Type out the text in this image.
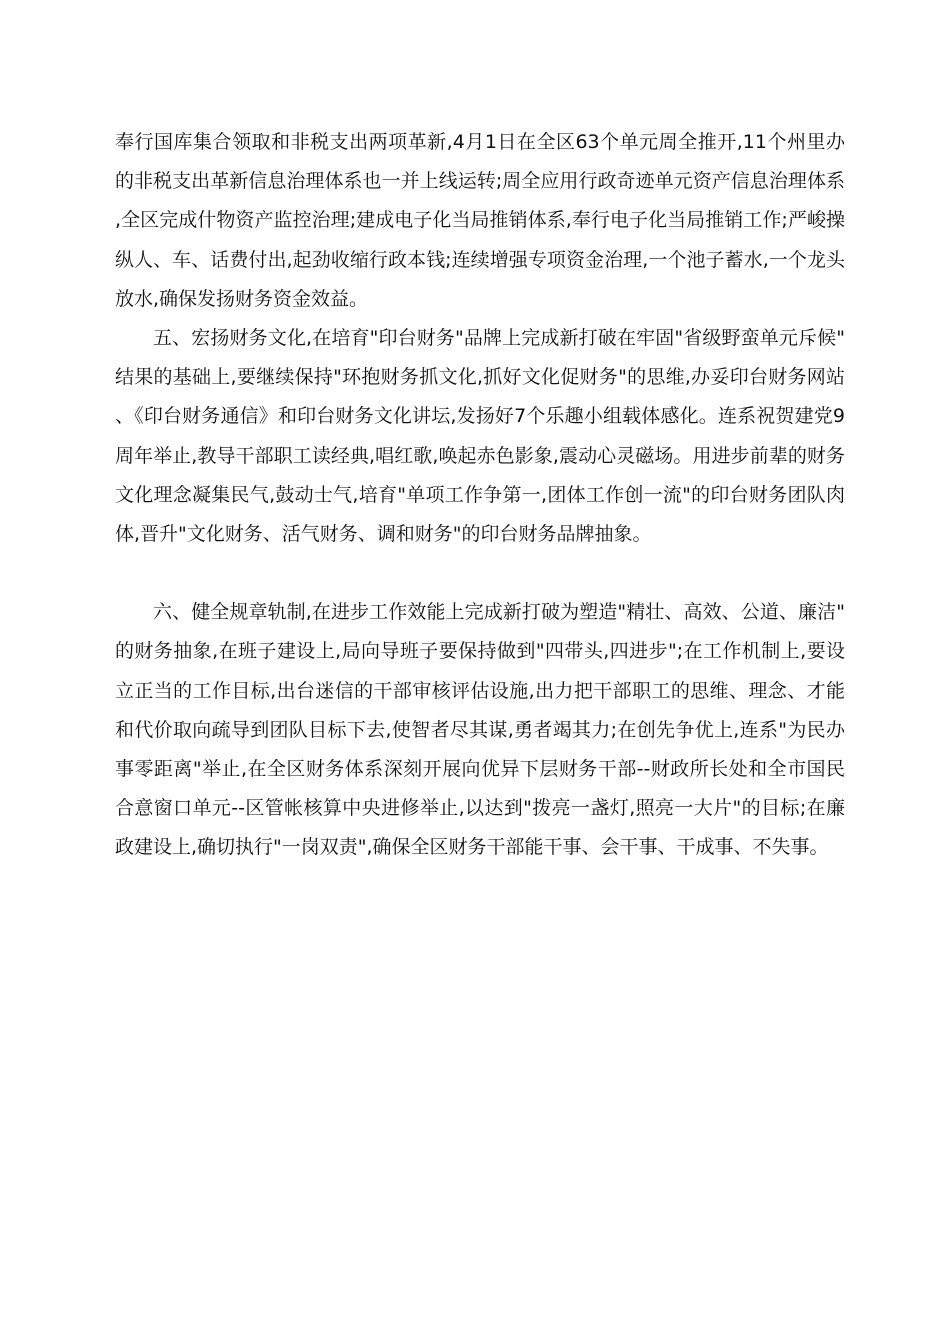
奉行国库集合领取和非税支出两项革新,4月1日在全区63个单元周全推开,11个州里办的非税支出革新信息治理体系也一并上线运转;周全应用行政奇迹单元资产信息治理体系,全区完成什物资产监控治理;建成电子化当局推销体系,奉行电子化当局推销工作;严峻操纵人、车、话费付出,起劲收缩行政本钱;连续增强专项资金治理,一个池子蓄水,一个龙头放水,确保发扬财务资金效益。

五、宏扬财务文化,在培育"印台财务"品牌上完成新打破在牢固"省级野蛮单元斥候"结果的基础上,要继续保持"环抱财务抓文化,抓好文化促财务"的思维,办妥印台财务网站、《印台财务通信》和印台财务文化讲坛,发扬好7个乐趣小组载体感化。连系祝贺建党9周年举止,教导干部职工读经典,唱红歌,唤起赤色影象,震动心灵磁场。用进步前辈的财务文化理念凝集民气,鼓动士气,培育"单项工作争第一,团体工作创一流"的印台财务团队肉体,晋升"文化财务、活气财务、调和财务"的印台财务品牌抽象。

六、健全规章轨制,在进步工作效能上完成新打破为塑造"精壮、高效、公道、廉洁"的财务抽象,在班子建设上,局向导班子要保持做到"四带头,四进步";在工作机制上,要设立正当的工作目标,出台迷信的干部审核评估设施,出力把干部职工的思维、理念、才能和代价取向疏导到团队目标下去,使智者尽其谋,勇者竭其力;在创先争优上,连系"为民办事零距离"举止,在全区财务体系深刻开展向优异下层财务干部--财政所长处和全市国民合意窗口单元--区管帐核算中央进修举止,以达到"拨亮一盏灯,照亮一大片"的目标;在廉政建设上,确切执行"一岗双责",确保全区财务干部能干事、会干事、干成事、不失事。
